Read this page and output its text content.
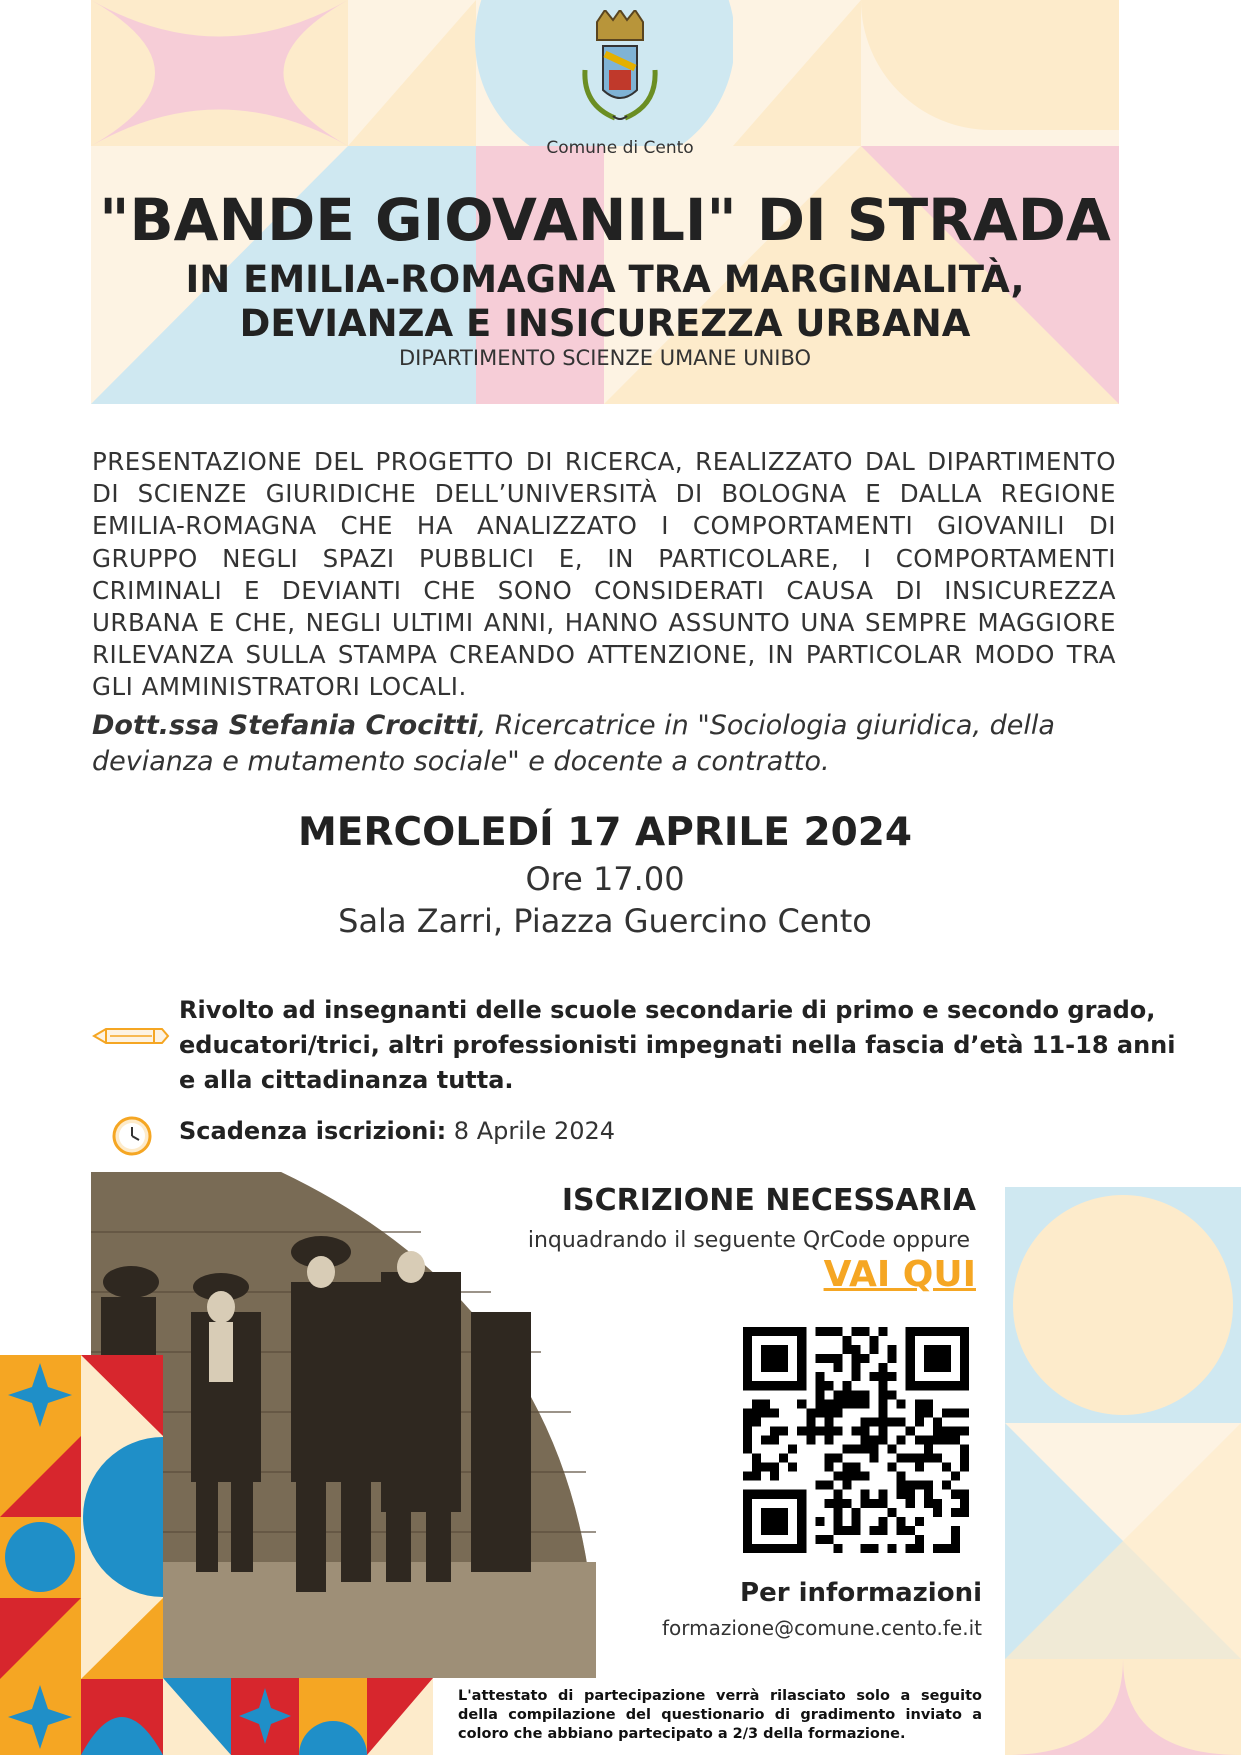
Comune di Cento
"BANDE GIOVANILI" DI STRADA
IN EMILIA-ROMAGNA TRA MARGINALITÀ,
DEVIANZA E INSICUREZZA URBANA
DIPARTIMENTO SCIENZE UMANE UNIBO
PRESENTAZIONE DEL PROGETTO DI RICERCA, REALIZZATO DAL DIPARTIMENTO DI SCIENZE GIURIDICHE DELL’UNIVERSITÀ DI BOLOGNA E DALLA REGIONE EMILIA-ROMAGNA CHE HA ANALIZZATO I COMPORTAMENTI GIOVANILI DI GRUPPO NEGLI SPAZI PUBBLICI E, IN PARTICOLARE, I COMPORTAMENTI CRIMINALI E DEVIANTI CHE SONO CONSIDERATI CAUSA DI INSICUREZZA URBANA E CHE, NEGLI ULTIMI ANNI, HANNO ASSUNTO UNA SEMPRE MAGGIORE RILEVANZA SULLA STAMPA CREANDO ATTENZIONE, IN PARTICOLAR MODO TRA GLI AMMINISTRATORI LOCALI.
Dott.ssa Stefania Crocitti, Ricercatrice in "Sociologia giuridica, della devianza e mutamento sociale" e docente a contratto.
MERCOLEDÍ 17 APRILE 2024
Ore 17.00
Sala Zarri, Piazza Guercino Cento
Rivolto ad insegnanti delle scuole secondarie di primo e secondo grado, educatori/trici, altri professionisti impegnati nella fascia d’età 11-18 anni e alla cittadinanza tutta.
Scadenza iscrizioni: 8 Aprile 2024
ISCRIZIONE NECESSARIA
inquadrando il seguente QrCode oppure
VAI QUI
Per informazioni
formazione@comune.cento.fe.it
L'attestato di partecipazione verrà rilasciato solo a seguito della compilazione del questionario di gradimento inviato a coloro che abbiano partecipato a 2/3 della formazione.
